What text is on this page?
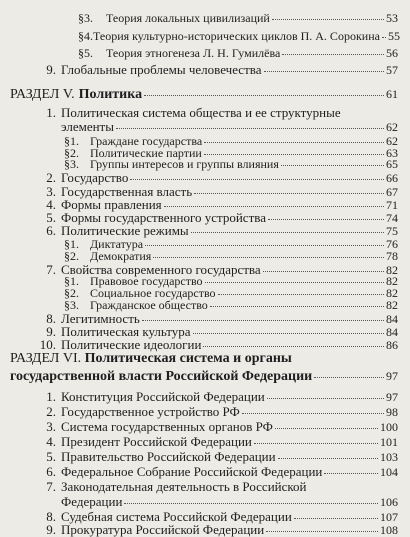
§3.	Теория локальных цивилизаций	53
§4. Теория культурно-исторических циклов П. А. Сорокина 55
§5.	Теория этногенеза Л. Н. Гумилёва	56
9. Глобальные проблемы человечества	57
РАЗДЕЛ V. Политика	61
1. Политическая система общества и ее структурные
элементы	62
§1. Граждане государства	62
§2. Политические партии	63
§3. Группы интересов и группы влияния	65
2. Государство	66
3. Государственная власть	67
4. Формы правления	71
5. Формы государственного устройства	74
6. Политические режимы	75
§1. Диктатура	76
§2. Демократия	78
7. Свойства современного государства	82
§1. Правовое государство	82
§2. Социальное государство	82
§3. Гражданское общество	82
8. Легитимность	84
9. Политическая культура	84
10. Политические идеологии	86
РАЗДЕЛ VI. Политическая система и органы
государственной власти Российской Федерации	97
1. Конституция Российской Федерации	97
2. Государственное устройство РФ	98
3. Система государственных органов РФ	100
4. Президент Российской Федерации	101
5. Правительство Российской Федерации	103
6. Федеральное Собрание Российской Федерации	104
7. Законодательная деятельность в Российской
Федерации	106
8. Судебная система Российской Федерации	107
9. Прокуратура Российской Федерации	108
